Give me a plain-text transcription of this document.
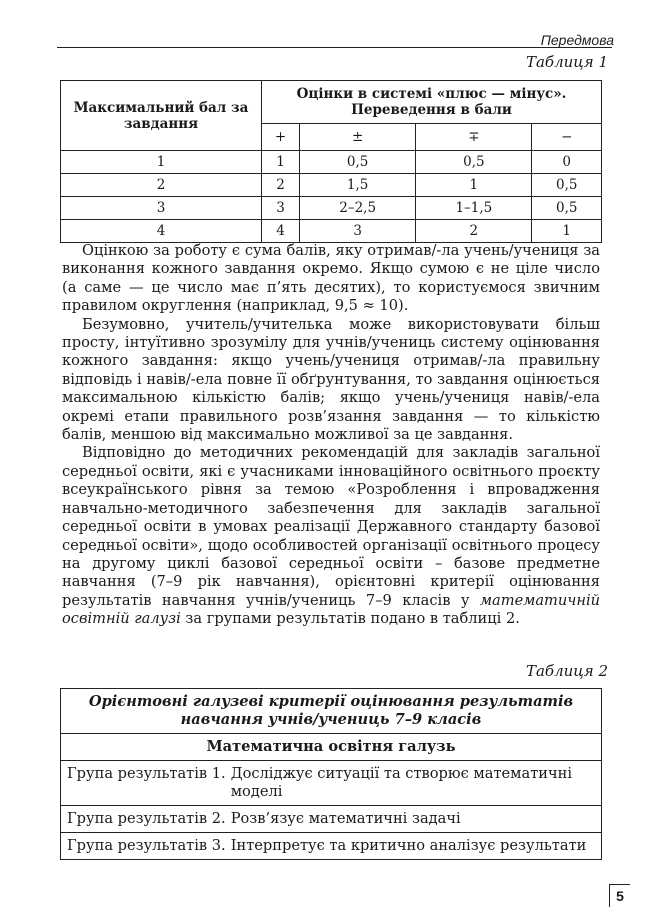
Передмова
Таблиця 1
Максимальний бал за завдання	Оцінки в системі «плюс — мінус». Переведення в бали			
	+	±	∓	−
1	1	0,5	0,5	0
2	2	1,5	1	0,5
3	3	2–2,5	1–1,5	0,5
4	4	3	2	1

Оцінкою за роботу є сума балів, яку отримав/-ла учень/учениця за виконання кожного завдання окремо. Якщо сумою є не ціле число (а саме — це число має п’ять десятих), то користуємося звичним правилом округлення (наприклад, 9,5 ≈ 10).

Безумовно, учитель/учителька може використовувати більш просту, інтуїтивно зрозумілу для учнів/учениць систему оцінювання кожного завдання: якщо учень/учениця отримав/-ла правильну відповідь і навів/-ела повне її обґрунтування, то завдання оцінюється максимальною кількістю балів; якщо учень/учениця навів/-ела окремі етапи правильного розв’язання завдання — то кількістю балів, меншою від максимально можливої за це завдання.

Відповідно до методичних рекомендацій для закладів загальної середньої освіти, які є учасниками інноваційного освітнього проєкту всеукраїнського рівня за темою «Розроблення і впровадження навчально-методичного забезпечення для закладів загальної середньої освіти в умовах реалізації Державного стандарту базової середньої освіти», щодо особливостей організації освітнього процесу на другому циклі базової середньої освіти – базове предметне навчання (7–9 рік навчання), орієнтовні критерії оцінювання результатів навчання учнів/учениць 7–9 класів у математичній освітній галузі за групами результатів подано в таблиці 2.

Таблиця 2
Орієнтовні галузеві критерії оцінювання результатів навчання учнів/учениць 7–9 класів
Математична освітня галузь

Група результатів 1. Досліджує ситуації та створює математичні моделі

Група результатів 2. Розв’язує математичні задачі

Група результатів 3. Інтерпретує та критично аналізує результати
5
